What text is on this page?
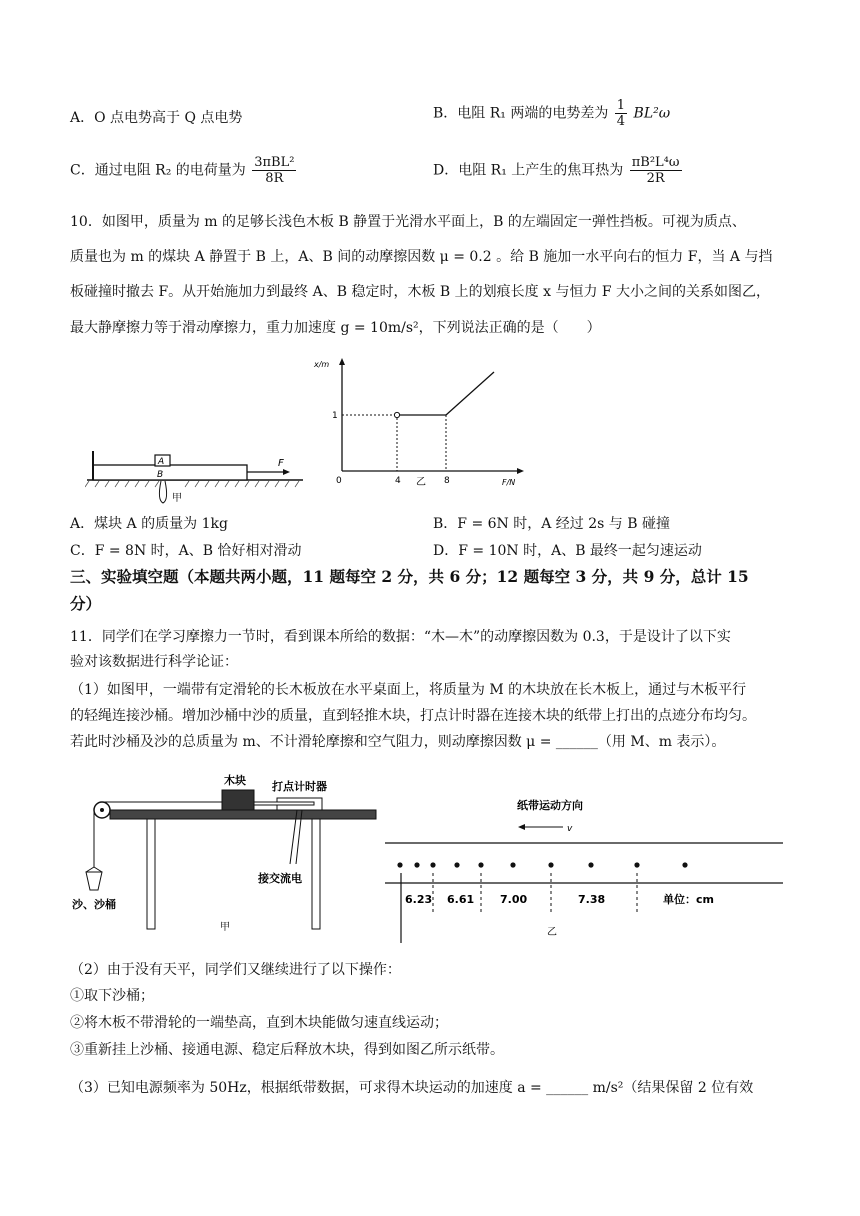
A．O 点电势高于 Q 点电势	B．电阻 R₁ 两端的电势差为 $\frac{1}{4} BL^2\omega$
C．通过电阻 R₂ 的电荷量为 $\frac{\text{3πBL²}}{8R}$	D．电阻 R₁ 上产生的焦耳热为 $\frac{\text{πB²L⁴ω}}{2R}$
10．如图甲，质量为 m 的足够长浅色木板 B 静置于光滑水平面上，B 的左端固定一弹性挡板。可视为质点、
质量也为 m 的煤块 A 静置于 B 上，A、B 间的动摩擦因数 μ = 0.2 。给 B 施加一水平向右的恒力 F，当 A 与挡
板碰撞时撤去 F。从开始施加力到最终 A、B 稳定时，木板 B 上的划痕长度 x 与恒力 F 大小之间的关系如图乙，
最大静摩擦力等于滑动摩擦力，重力加速度 g = 10m/s²，下列说法正确的是（　　）
A
B
F
甲
x/m
F/N
0	4	8
1
乙
A．煤块 A 的质量为 1kg	B．F = 6N 时，A 经过 2s 与 B 碰撞
C．F = 8N 时，A、B 恰好相对滑动	D．F = 10N 时，A、B 最终一起匀速运动
三、实验填空题（本题共两小题，11 题每空 2 分，共 6 分；12 题每空 3 分，共 9 分，总计 15
分）
11．同学们在学习摩擦力一节时，看到课本所给的数据：“木—木”的动摩擦因数为 0.3，于是设计了以下实
验对该数据进行科学论证：
（1）如图甲，一端带有定滑轮的长木板放在水平桌面上，将质量为 M 的木块放在长木板上，通过与木板平行
的轻绳连接沙桶。增加沙桶中沙的质量，直到轻推木块，打点计时器在连接木块的纸带上打出的点迹分布均匀。
若此时沙桶及沙的总质量为 m、不计滑轮摩擦和空气阻力，则动摩擦因数 μ = ______（用 M、m 表示）。
木块 打点计时器
接交流电
沙、沙桶
甲
纸带运动方向
v
6.23 6.61 7.00	7.38	单位：cm
乙
（2）由于没有天平，同学们又继续进行了以下操作：
①取下沙桶；
②将木板不带滑轮的一端垫高，直到木块能做匀速直线运动；
③重新挂上沙桶、接通电源、稳定后释放木块，得到如图乙所示纸带。
（3）已知电源频率为 50Hz，根据纸带数据，可求得木块运动的加速度 a = ______ m/s²（结果保留 2 位有效
